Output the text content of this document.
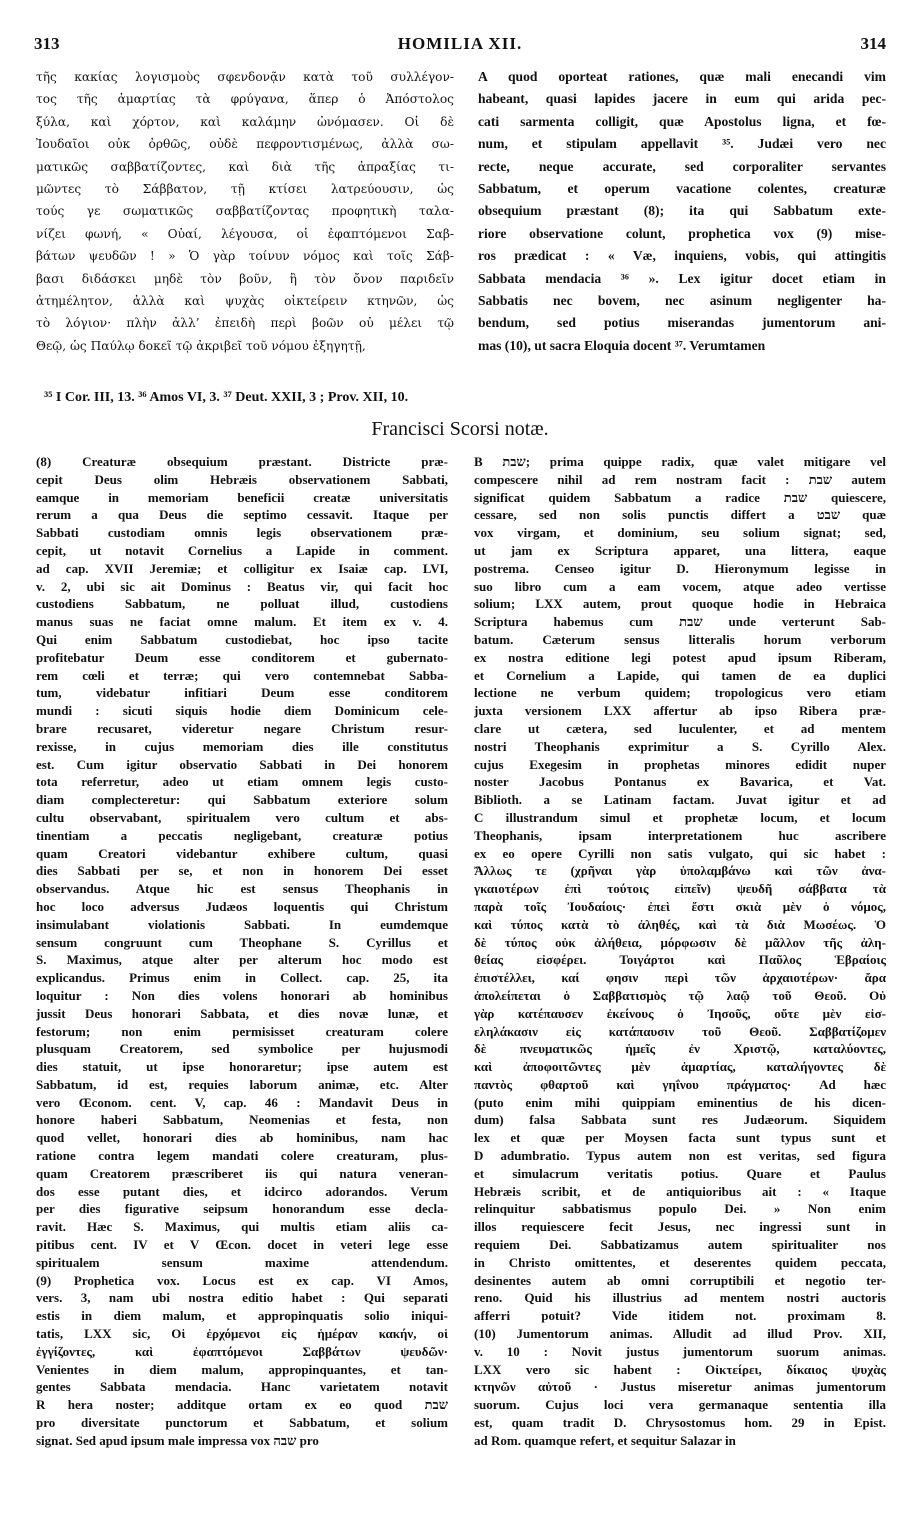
313	HOMILIA XII.	314
τῆς κακίας λογισμοὺς σφενδονᾷν κατὰ τοῦ συλλέγον-
τος τῆς ἁμαρτίας τὰ φρύγανα, ἅπερ ὁ Ἀπόστολος
ξύλα, καὶ χόρτον, καὶ καλάμην ὠνόμασεν. Οἱ δὲ
Ἰουδαῖοι οὐκ ὀρθῶς, οὐδὲ πεφροντισμένως, ἀλλὰ σω-
ματικῶς σαββατίζοντες, καὶ διὰ τῆς ἀπραξίας τι-
μῶντες τὸ Σάββατον, τῇ κτίσει λατρεύουσιν, ὡς
τούς γε σωματικῶς σαββατίζοντας προφητικὴ ταλα-
νίζει φωνή, « Οὐαί, λέγουσα, οἱ ἐφαπτόμενοι Σαβ-
βάτων ψευδῶν ! » Ὁ γὰρ τοίνυν νόμος καὶ τοῖς Σάβ-
βασι διδάσκει μηδὲ τὸν βοῦν, ἢ τὸν ὄνον παριδεῖν
ἀτημέλητον, ἀλλὰ καὶ ψυχὰς οἰκτείρειν κτηνῶν, ὡς
τὸ λόγιον· πλὴν ἀλλ’ ἐπειδὴ περὶ βοῶν οὐ μέλει τῷ
Θεῷ, ὡς Παύλῳ δοκεῖ τῷ ἀκριβεῖ τοῦ νόμου ἐξηγητῇ,
A quod oporteat rationes, quæ mali enecandi vim
habeant, quasi lapides jacere in eum qui arida pec-
cati sarmenta colligit, quæ Apostolus ligna, et fœ-
num, et stipulam appellavit ³⁵. Judæi vero nec
recte, neque accurate, sed corporaliter servantes
Sabbatum, et operum vacatione colentes, creaturæ
obsequium præstant (8); ita qui Sabbatum exte-
riore observatione colunt, prophetica vox (9) mise-
ros prædicat : « Væ, inquiens, vobis, qui attingitis
Sabbata mendacia ³⁶ ». Lex igitur docet etiam in
Sabbatis nec bovem, nec asinum negligenter ha-
bendum, sed potius miserandas jumentorum ani-
mas (10), ut sacra Eloquia docent ³⁷. Verumtamen
³⁵ I Cor. III, 13. ³⁶ Amos VI, 3. ³⁷ Deut. XXII, 3 ; Prov. XII, 10.
Francisci Scorsi notæ.
(8) Creaturæ obsequium præstant. Districte præ-
cepit Deus olim Hebræis observationem Sabbati,
eamque in memoriam beneficii creatæ universitatis
rerum a qua Deus die septimo cessavit. Itaque per
Sabbati custodiam omnis legis observationem præ-
cepit, ut notavit Cornelius a Lapide in comment.
ad cap. XVII Jeremiæ; et colligitur ex Isaiæ cap. LVI,
v. 2, ubi sic ait Dominus : Beatus vir, qui facit hoc
custodiens Sabbatum, ne polluat illud, custodiens
manus suas ne faciat omne malum. Et item ex v. 4.
Qui enim Sabbatum custodiebat, hoc ipso tacite
profitebatur Deum esse conditorem et gubernato-
rem cœli et terræ; qui vero contemnebat Sabba-
tum, videbatur infitiari Deum esse conditorem
mundi : sicuti siquis hodie diem Dominicum cele-
brare recusaret, videretur negare Christum resur-
rexisse, in cujus memoriam dies ille constitutus
est. Cum igitur observatio Sabbati in Dei honorem
tota referretur, adeo ut etiam omnem legis custo-
diam complecteretur: qui Sabbatum exteriore solum
cultu observabant, spiritualem vero cultum et abs-
tinentiam a peccatis negligebant, creaturæ potius
quam Creatori videbantur exhibere cultum, quasi
dies Sabbati per se, et non in honorem Dei esset
observandus. Atque hic est sensus Theophanis in
hoc loco adversus Judæos loquentis qui Christum
insimulabant violationis Sabbati. In eumdemque
sensum congruunt cum Theophane S. Cyrillus et
S. Maximus, atque alter per alterum hoc modo est
explicandus. Primus enim in Collect. cap. 25, ita
loquitur : Non dies volens honorari ab hominibus
jussit Deus honorari Sabbata, et dies novæ lunæ, et
festorum; non enim permisisset creaturam colere
plusquam Creatorem, sed symbolice per hujusmodi
dies statuit, ut ipse honoraretur; ipse autem est
Sabbatum, id est, requies laborum animæ, etc. Alter
vero Œconom. cent. V, cap. 46 : Mandavit Deus in
honore haberi Sabbatum, Neomenias et festa, non
quod vellet, honorari dies ab hominibus, nam hac
ratione contra legem mandati colere creaturam, plus-
quam Creatorem præscriberet iis qui natura veneran-
dos esse putant dies, et idcirco adorandos. Verum
per dies figurative seipsum honorandum esse decla-
ravit. Hæc S. Maximus, qui multis etiam aliis ca-
pitibus cent. IV et V Œcon. docet in veteri lege esse
spiritualem sensum maxime attendendum.
(9) Prophetica vox. Locus est ex cap. VI Amos,
vers. 3, nam ubi nostra editio habet : Qui separati
estis in diem malum, et appropinquatis solio iniqui-
tatis, LXX sic, Οἱ ἐρχόμενοι εἰς ἡμέραν κακήν, οἱ
ἐγγίζοντες, καὶ ἐφαπτόμενοι Σαββάτων ψευδῶν·
Venientes in diem malum, appropinquantes, et tan-
gentes Sabbata mendacia. Hanc varietatem notavit
R hera noster; additque ortam ex eo quod שבת
pro diversitate punctorum et Sabbatum, et solium
signat. Sed apud ipsum male impressa vox שבה pro
B שבת; prima quippe radix, quæ valet mitigare vel
compescere nihil ad rem nostram facit : שבת autem
significat quidem Sabbatum a radice שבת quiescere,
cessare, sed non solis punctis differt a שבט quæ
vox virgam, et dominium, seu solium signat; sed,
ut jam ex Scriptura apparet, una littera, eaque
postrema. Censeo igitur D. Hieronymum legisse in
suo libro cum a eam vocem, atque adeo vertisse
solium; LXX autem, prout quoque hodie in Hebraica
Scriptura habemus cum שבת unde verterunt Sab-
batum. Cæterum sensus litteralis horum verborum
ex nostra editione legi potest apud ipsum Riberam,
et Cornelium a Lapide, qui tamen de ea duplici
lectione ne verbum quidem; tropologicus vero etiam
juxta versionem LXX affertur ab ipso Ribera præ-
clare ut cætera, sed luculenter, et ad mentem
nostri Theophanis exprimitur a S. Cyrillo Alex.
cujus Exegesim in prophetas minores edidit nuper
noster Jacobus Pontanus ex Bavarica, et Vat.
Biblioth. a se Latinam factam. Juvat igitur et ad
C illustrandum simul et prophetæ locum, et locum
Theophanis, ipsam interpretationem huc ascribere
ex eo opere Cyrilli non satis vulgato, qui sic habet :
Ἄλλως τε (χρῆναι γὰρ ὑπολαμβάνω καὶ τῶν ἀνα-
γκαιοτέρων ἐπὶ τούτοις εἰπεῖν) ψευδῆ σάββατα τὰ
παρὰ τοῖς Ἰουδαίοις· ἐπεὶ ἔστι σκιὰ μὲν ὁ νόμος,
καὶ τύπος κατὰ τὸ ἀληθές, καὶ τὰ διὰ Μωσέως. Ὁ
δὲ τύπος οὐκ ἀλήθεια, μόρφωσιν δὲ μᾶλλον τῆς ἀλη-
θείας εἰσφέρει. Τοιγάρτοι καὶ Παῦλος Ἑβραίοις
ἐπιστέλλει, καί φησιν περὶ τῶν ἀρχαιοτέρων· ἄρα
ἀπολείπεται ὁ Σαββατισμὸς τῷ λαῷ τοῦ Θεοῦ. Οὐ
γὰρ κατέπαυσεν ἐκείνους ὁ Ἰησοῦς, οὔτε μὲν εἰσ-
εληλάκασιν εἰς κατάπαυσιν τοῦ Θεοῦ. Σαββατίζομεν
δὲ πνευματικῶς ἡμεῖς ἐν Χριστῷ, καταλύοντες,
καὶ ἀποφοιτῶντες μὲν ἁμαρτίας, καταλήγοντες δὲ
παντὸς φθαρτοῦ καὶ γηΐνου πράγματος· Ad hæc
(puto enim mihi quippiam eminentius de his dicen-
dum) falsa Sabbata sunt res Judæorum. Siquidem
lex et quæ per Moysen facta sunt typus sunt et
D adumbratio. Typus autem non est veritas, sed figura
et simulacrum veritatis potius. Quare et Paulus
Hebræis scribit, et de antiquioribus ait : « Itaque
relinquitur sabbatismus populo Dei. » Non enim
illos requiescere fecit Jesus, nec ingressi sunt in
requiem Dei. Sabbatizamus autem spiritualiter nos
in Christo omittentes, et deserentes quidem peccata,
desinentes autem ab omni corruptibili et negotio ter-
reno. Quid his illustrius ad mentem nostri auctoris
afferri potuit? Vide itidem not. proximam 8.
(10) Jumentorum animas. Alludit ad illud Prov. XII,
v. 10 : Novit justus jumentorum suorum animas.
LXX vero sic habent : Οἰκτείρει, δίκαιος ψυχὰς
κτηνῶν αὐτοῦ · Justus miseretur animas jumentorum
suorum. Cujus loci vera germanaque sententia illa
est, quam tradit D. Chrysostomus hom. 29 in Epist.
ad Rom. quamque refert, et sequitur Salazar in
